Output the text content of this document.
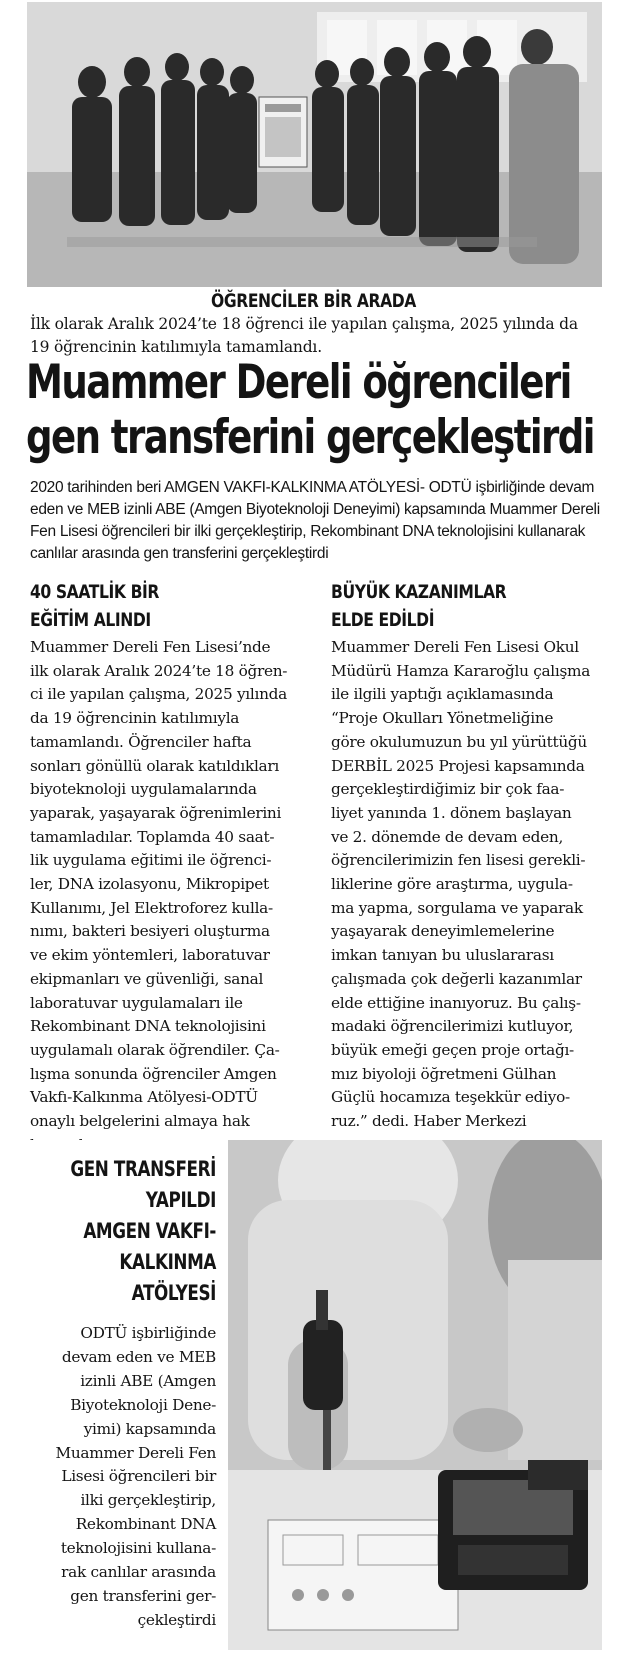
ÖĞRENCİLER BİR ARADA
İlk olarak Aralık 2024’te 18 öğrenci ile yapılan çalışma, 2025 yılında da 19 öğrencinin katılımıyla tamamlandı.
Muammer Dereli öğrencileri
gen transferini gerçekleştirdi
2020 tarihinden beri AMGEN VAKFI-KALKINMA ATÖLYESİ- ODTÜ işbirliğinde devam eden ve MEB izinli ABE (Amgen Biyoteknoloji Deneyimi) kapsamında Muammer Dereli Fen Lisesi öğrencileri bir ilki gerçekleştirip, Rekombinant DNA teknolojisini kullanarak canlılar arasında gen transferini gerçekleştirdi
40 SAATLİK BİR
EĞİTİM ALINDI
BÜYÜK KAZANIMLAR
ELDE EDİLDİ
Muammer Dereli Fen Lisesi’nde
ilk olarak Aralık 2024’te 18 öğren-
ci ile yapılan çalışma, 2025 yılında
da 19 öğrencinin katılımıyla
tamamlandı. Öğrenciler hafta
sonları gönüllü olarak katıldıkları
biyoteknoloji uygulamalarında
yaparak, yaşayarak öğrenimlerini
tamamladılar. Toplamda 40 saat-
lik uygulama eğitimi ile öğrenci-
ler, DNA izolasyonu, Mikropipet
Kullanımı, Jel Elektroforez kulla-
nımı, bakteri besiyeri oluşturma
ve ekim yöntemleri, laboratuvar
ekipmanları ve güvenliği, sanal
laboratuvar uygulamaları ile
Rekombinant DNA teknolojisini
uygulamalı olarak öğrendiler. Ça-
lışma sonunda öğrenciler Amgen
Vakfı-Kalkınma Atölyesi-ODTÜ
onaylı belgelerini almaya hak

Muammer Dereli Fen Lisesi Okul
Müdürü Hamza Kararoğlu çalışma
ile ilgili yaptığı açıklamasında
“Proje Okulları Yönetmeliğine
göre okulumuzun bu yıl yürüttüğü
DERBİL 2025 Projesi kapsamında
gerçekleştirdiğimiz bir çok faa-
liyet yanında 1. dönem başlayan
ve 2. dönemde de devam eden,
öğrencilerimizin fen lisesi gerekli-
liklerine göre araştırma, uygula-
ma yapma, sorgulama ve yaparak
yaşayarak deneyimlemelerine
imkan tanıyan bu uluslararası
çalışmada çok değerli kazanımlar
elde ettiğine inanıyoruz. Bu çalış-
madaki öğrencilerimizi kutluyor,
büyük emeği geçen proje ortağı-
mız biyoloji öğretmeni Gülhan
Güçlü hocamıza teşekkür ediyo-
ruz.” dedi. Haber Merkezi
GEN TRANSFERİ
YAPILDI
AMGEN VAKFI-
KALKINMA
ATÖLYESİ
ODTÜ işbirliğinde
devam eden ve MEB
izinli ABE (Amgen
Biyoteknoloji Dene-
yimi) kapsamında
Muammer Dereli Fen
Lisesi öğrencileri bir
ilki gerçekleştirip,
Rekombinant DNA
teknolojisini kullana-
rak canlılar arasında
gen transferini ger-
çekleştirdi
